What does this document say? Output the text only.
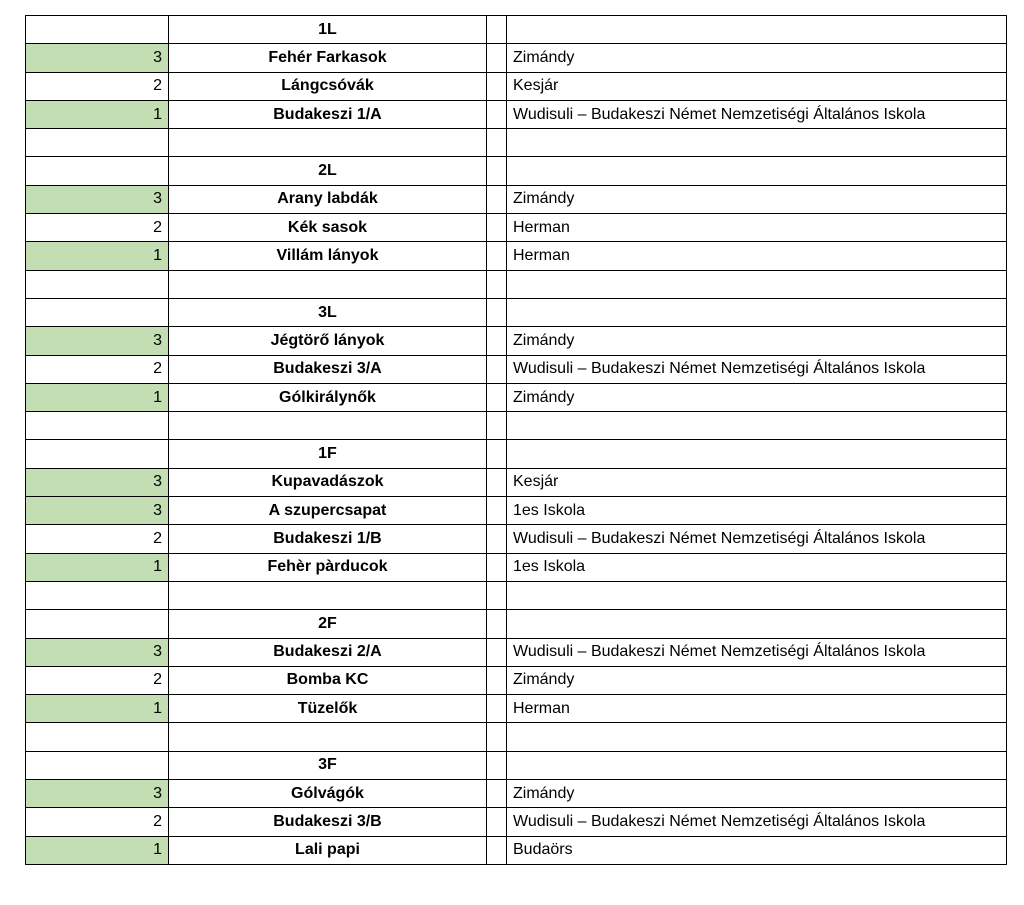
	1L		
3	Fehér Farkasok		Zimándy
2	Lángcsóvák		Kesjár
1	Budakeszi 1/A		Wudisuli – Budakeszi Német Nemzetiségi Általános Iskola

	2L		
3	Arany labdák		Zimándy
2	Kék sasok		Herman
1	Villám lányok		Herman

	3L		
3	Jégtörő lányok		Zimándy
2	Budakeszi 3/A		Wudisuli – Budakeszi Német Nemzetiségi Általános Iskola
1	Gólkirálynők		Zimándy

	1F		
3	Kupavadászok		Kesjár
3	A szupercsapat		1es Iskola
2	Budakeszi 1/B		Wudisuli – Budakeszi Német Nemzetiségi Általános Iskola
1	Fehèr pàrducok		1es Iskola

	2F		
3	Budakeszi 2/A		Wudisuli – Budakeszi Német Nemzetiségi Általános Iskola
2	Bomba KC		Zimándy
1	Tüzelők		Herman

	3F		
3	Gólvágók		Zimándy
2	Budakeszi 3/B		Wudisuli – Budakeszi Német Nemzetiségi Általános Iskola
1	Lali papi		Budaörs
